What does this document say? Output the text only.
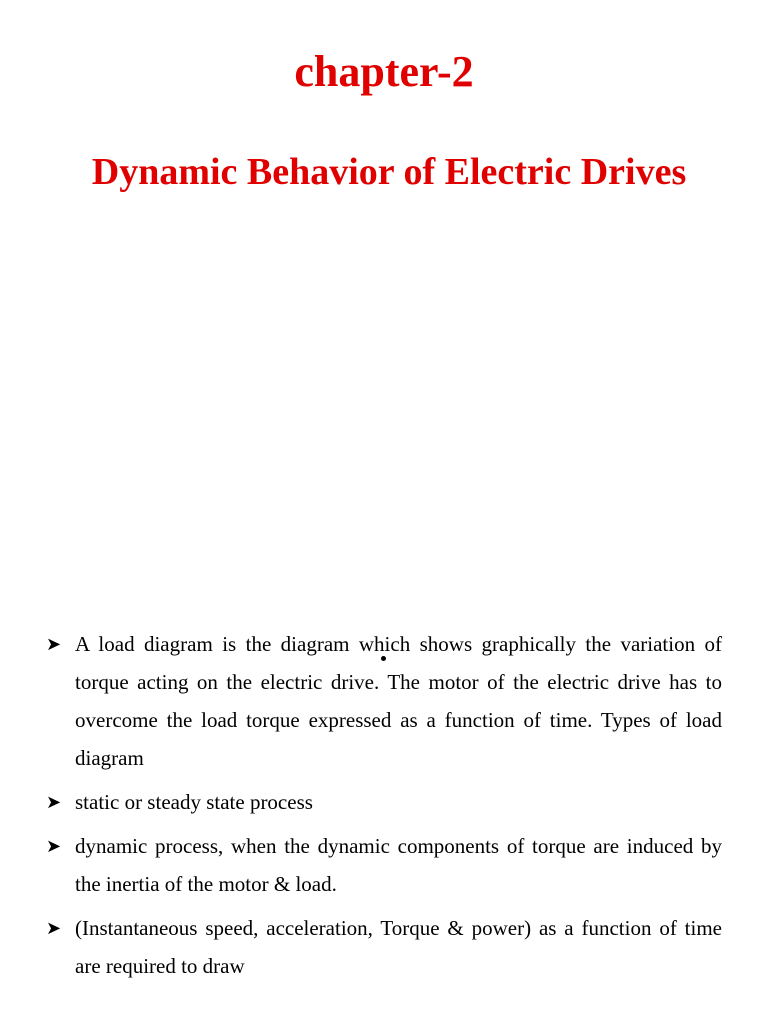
chapter-2
Dynamic Behavior of Electric Drives
➤ A load diagram is the diagram which shows graphically the variation of torque acting on the electric drive. The motor of the electric drive has to overcome the load torque expressed as a function of time. Types of load diagram
➤ static or steady state process
➤ dynamic process, when the dynamic components of torque are induced by the inertia of the motor & load.
➤ (Instantaneous speed, acceleration, Torque & power) as a function of time are required to draw
